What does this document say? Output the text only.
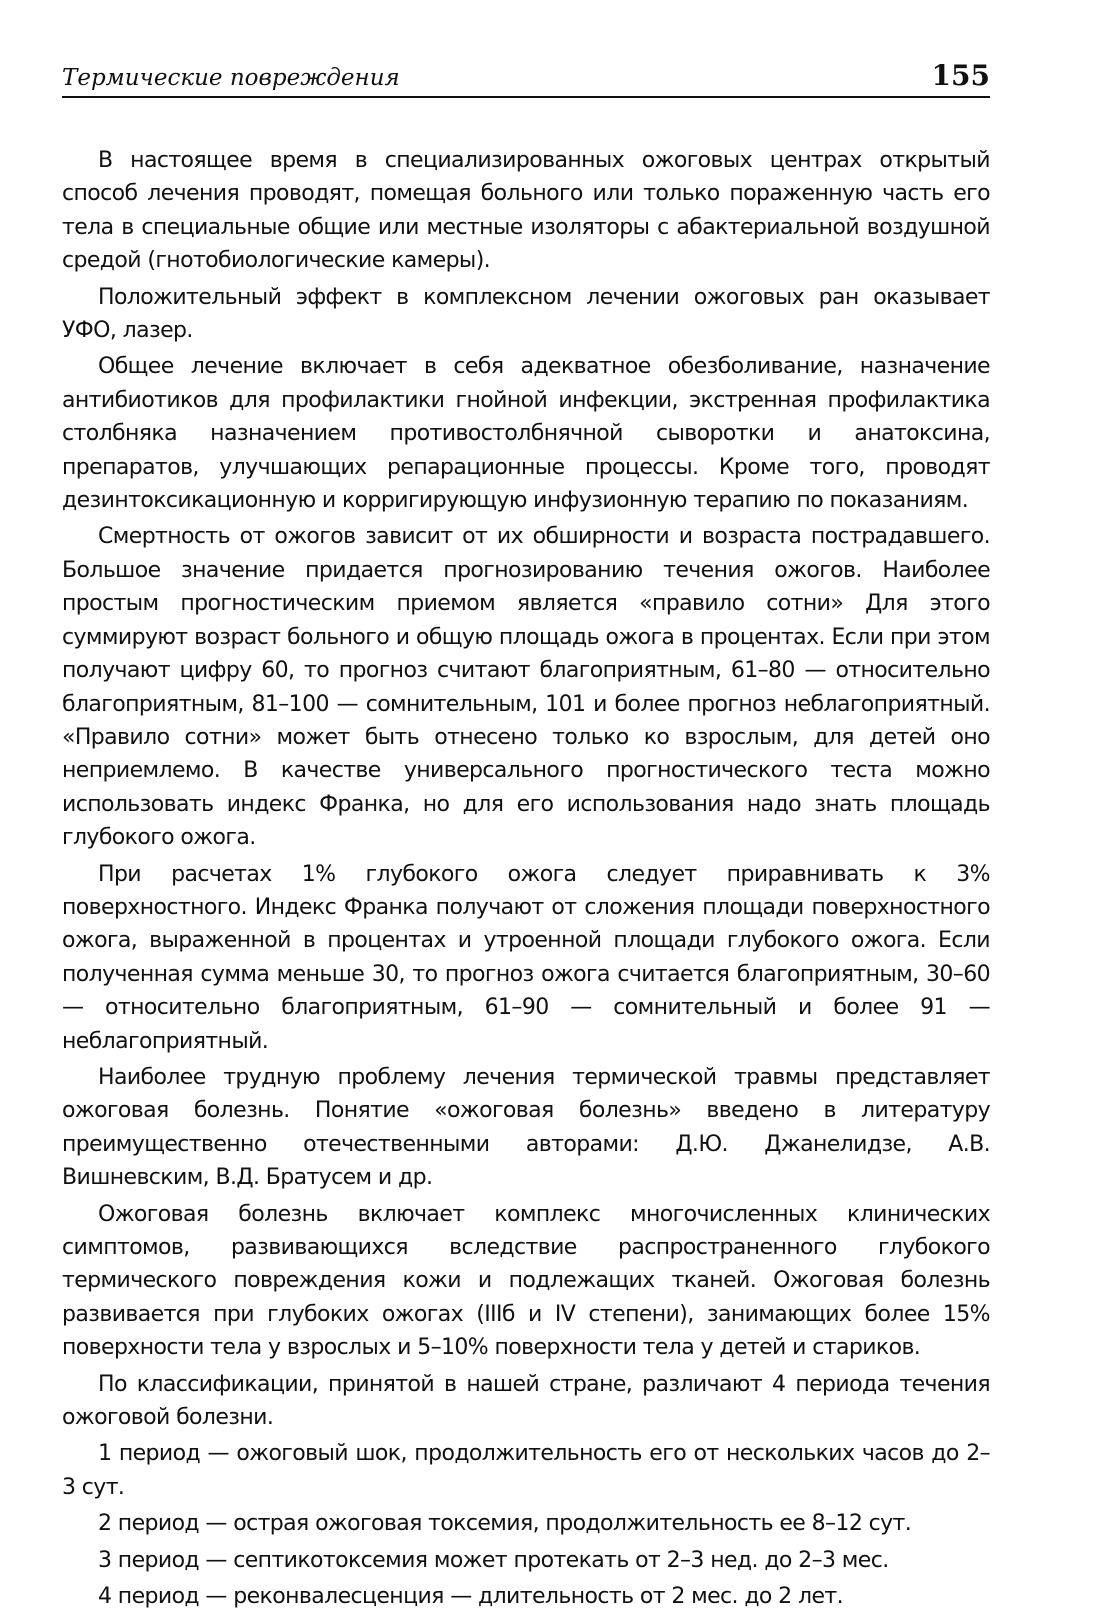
Термические повреждения	155

В настоящее время в специализированных ожоговых центрах открытый способ лечения проводят, помещая больного или только пораженную часть его тела в специальные общие или местные изоляторы с абактериальной воздушной средой (гнотобиологические камеры).

Положительный эффект в комплексном лечении ожоговых ран оказывает УФО, лазер.

Общее лечение включает в себя адекватное обезболивание, назначение антибиотиков для профилактики гнойной инфекции, экстренная профилактика столбняка назначением противостолбнячной сыворотки и анатоксина, препаратов, улучшающих репарационные процессы. Кроме того, проводят дезинтоксикационную и корригирующую инфузионную терапию по показаниям.

Смертность от ожогов зависит от их обширности и возраста пострадавшего. Большое значение придается прогнозированию течения ожогов. Наиболее простым прогностическим приемом является «правило сотни» Для этого суммируют возраст больного и общую площадь ожога в процентах. Если при этом получают цифру 60, то прогноз считают благоприятным, 61–80 — относительно благоприятным, 81–100 — сомнительным, 101 и более прогноз неблагоприятный. «Правило сотни» может быть отнесено только ко взрослым, для детей оно неприемлемо. В качестве универсального прогностического теста можно использовать индекс Франка, но для его использования надо знать площадь глубокого ожога.

При расчетах 1% глубокого ожога следует приравнивать к 3% поверхностного. Индекс Франка получают от сложения площади поверхностного ожога, выраженной в процентах и утроенной площади глубокого ожога. Если полученная сумма меньше 30, то прогноз ожога считается благоприятным, 30–60 — относительно благоприятным, 61–90 — сомнительный и более 91 — неблагоприятный.

Наиболее трудную проблему лечения термической травмы представляет ожоговая болезнь. Понятие «ожоговая болезнь» введено в литературу преимущественно отечественными авторами: Д.Ю. Джанелидзе, А.В. Вишневским, В.Д. Братусем и др.

Ожоговая болезнь включает комплекс многочисленных клинических симптомов, развивающихся вследствие распространенного глубокого термического повреждения кожи и подлежащих тканей. Ожоговая болезнь развивается при глубоких ожогах (IIIб и IV степени), занимающих более 15% поверхности тела у взрослых и 5–10% поверхности тела у детей и стариков.

По классификации, принятой в нашей стране, различают 4 периода течения ожоговой болезни.

1 период — ожоговый шок, продолжительность его от нескольких часов до 2–3 сут.

2 период — острая ожоговая токсемия, продолжительность ее 8–12 сут.

3 период — септикотоксемия может протекать от 2–3 нед. до 2–3 мес.

4 период — реконвалесценция — длительность от 2 мес. до 2 лет.
